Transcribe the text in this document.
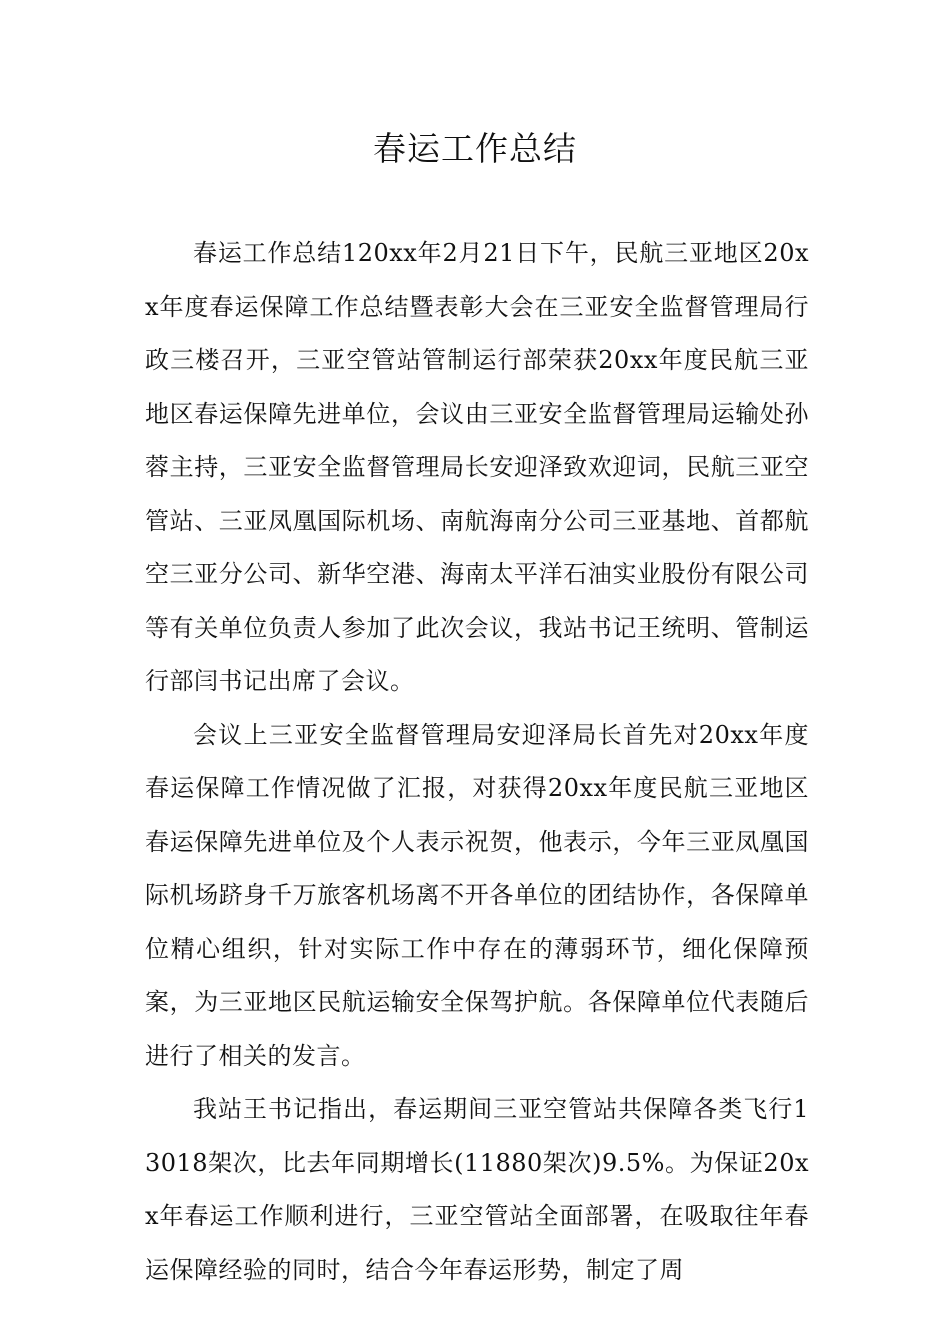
春运工作总结

春运工作总结120xx年2月21日下午，民航三亚地区20xx年度春运保障工作总结暨表彰大会在三亚安全监督管理局行政三楼召开，三亚空管站管制运行部荣获20xx年度民航三亚地区春运保障先进单位，会议由三亚安全监督管理局运输处孙蓉主持，三亚安全监督管理局长安迎泽致欢迎词，民航三亚空管站、三亚凤凰国际机场、南航海南分公司三亚基地、首都航空三亚分公司、新华空港、海南太平洋石油实业股份有限公司等有关单位负责人参加了此次会议，我站书记王统明、管制运行部闫书记出席了会议。

会议上三亚安全监督管理局安迎泽局长首先对20xx年度春运保障工作情况做了汇报，对获得20xx年度民航三亚地区春运保障先进单位及个人表示祝贺，他表示，今年三亚凤凰国际机场跻身千万旅客机场离不开各单位的团结协作，各保障单位精心组织，针对实际工作中存在的薄弱环节，细化保障预案，为三亚地区民航运输安全保驾护航。各保障单位代表随后进行了相关的发言。

我站王书记指出，春运期间三亚空管站共保障各类飞行13018架次，比去年同期增长(11880架次)9.5%。为保证20xx年春运工作顺利进行，三亚空管站全面部署，在吸取往年春运保障经验的同时，结合今年春运形势，制定了周
